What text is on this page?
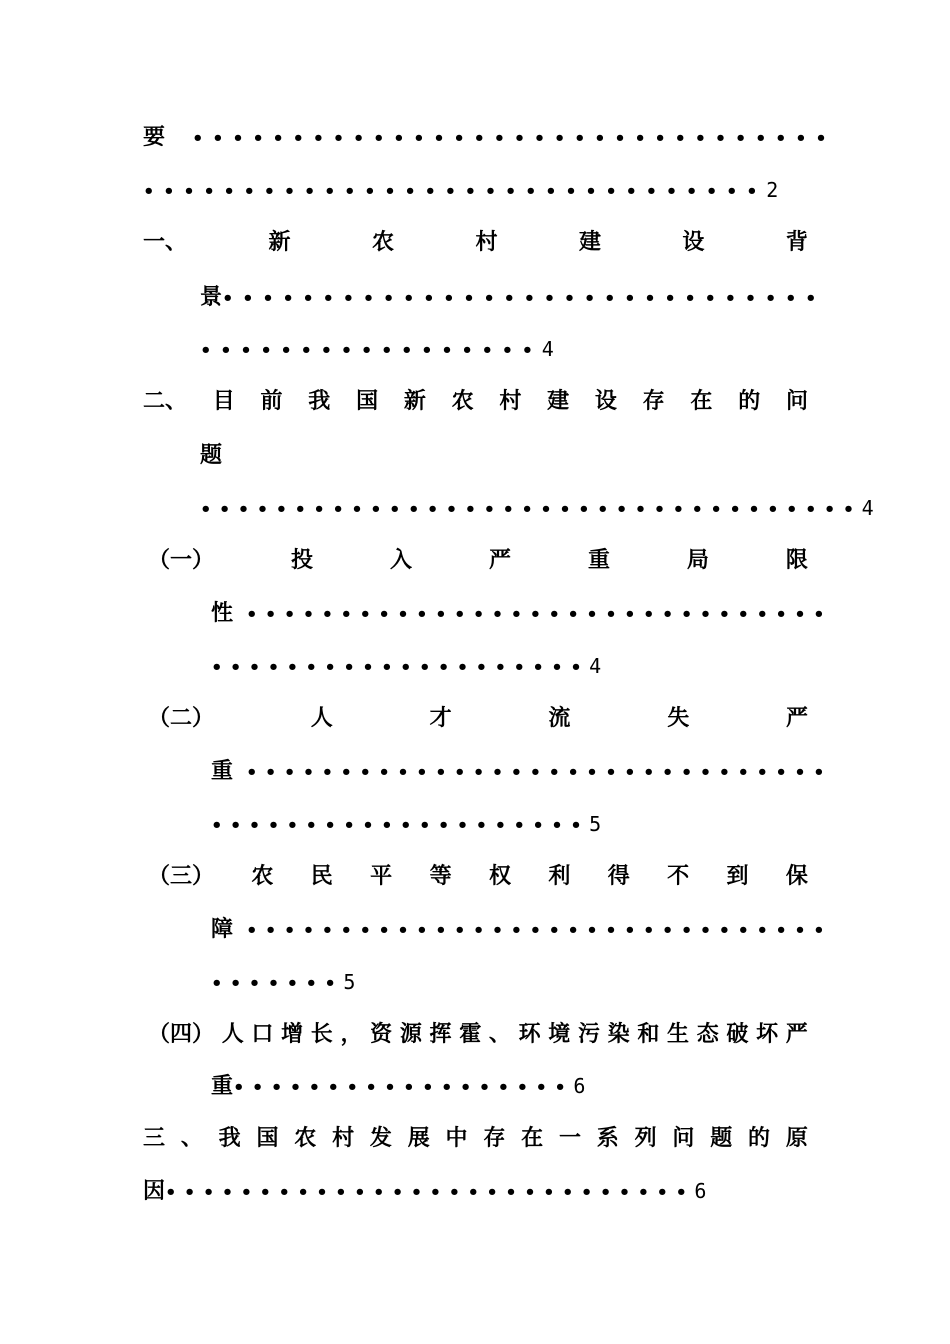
要 ••••••••••••••••••••••••••••••••
•••••••••••••••••••••••••••••••2
一、	新	农	村	建	设	背
景••••••••••••••••••••••••••••••
•••••••••••••••••4
二、 目 前 我 国 新 农 村 建 设 存 在 的 问
题
•••••••••••••••••••••••••••••••••••4
（一）	投	入	严	重	局	限
性 •••••••••••••••••••••••••••••••
••••••••••••••••••••4
（二）	人	才	流	失	严
重 •••••••••••••••••••••••••••••••
••••••••••••••••••••5
（三） 农 民 平 等 权 利 得 不 到 保
障 •••••••••••••••••••••••••••••••
•••••••5
（四） 人 口 增 长 ， 资 源 挥 霍 、 环 境 污 染 和 生 态 破 坏 严
重••••••••••••••••••6
三 、 我 国 农 村 发 展 中 存 在 一 系 列 问 题 的 原
因••••••••••••••••••••••••••••6
